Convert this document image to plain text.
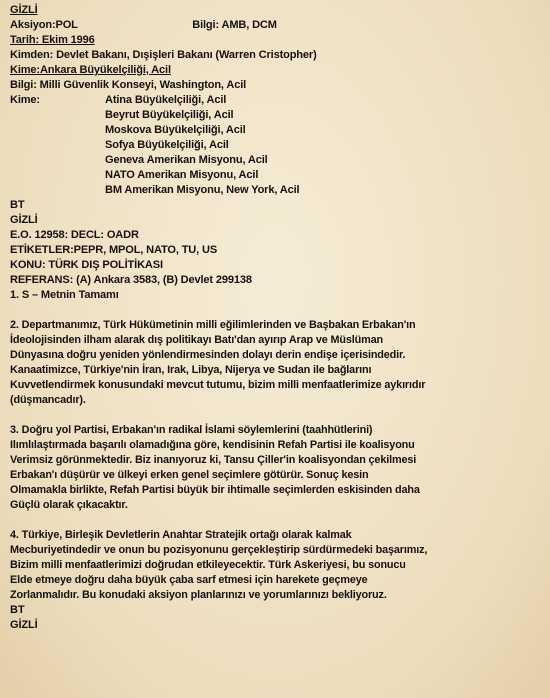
GİZLİ
Aksiyon:POL	Bilgi: AMB, DCM
Tarih: Ekim 1996
Kimden: Devlet Bakanı, Dışişleri Bakanı (Warren Cristopher)
Kime:Ankara Büyükelçiliği, Acil
Bilgi: Milli Güvenlik Konseyi, Washington, Acil
Kime:	Atina Büyükelçiliği, Acil
Beyrut Büyükelçiliği, Acil
Moskova Büyükelçiliği, Acil
Sofya Büyükelçiliği, Acil
Geneva Amerikan Misyonu, Acil
NATO Amerikan Misyonu, Acil
BM Amerikan Misyonu, New York, Acil
BT
GİZLİ
E.O. 12958: DECL: OADR
ETİKETLER:PEPR, MPOL, NATO, TU, US
KONU: TÜRK DIŞ POLİTİKASI
REFERANS: (A) Ankara 3583, (B) Devlet 299138
1. S – Metnin Tamamı
2. Departmanımız, Türk Hükümetinin milli eğilimlerinden ve Başbakan Erbakan'ın
İdeolojisinden ilham alarak dış politikayı Batı'dan ayırıp Arap ve Müslüman
Dünyasına doğru yeniden yönlendirmesinden dolayı derin endişe içerisindedir.
Kanaatimizce, Türkiye'nin İran, Irak, Libya, Nijerya ve Sudan ile bağlarını
Kuvvetlendirmek konusundaki mevcut tutumu, bizim milli menfaatlerimize aykırıdır
(düşmancadır).
3. Doğru yol Partisi, Erbakan'ın radikal İslami söylemlerini (taahhütlerini)
Ilımlılaştırmada başarılı olamadığına göre, kendisinin Refah Partisi ile koalisyonu
Verimsiz görünmektedir. Biz inanıyoruz ki, Tansu Çiller'in koalisyondan çekilmesi
Erbakan'ı düşürür ve ülkeyi erken genel seçimlere götürür. Sonuç kesin
Olmamakla birlikte, Refah Partisi büyük bir ihtimalle seçimlerden eskisinden daha
Güçlü olarak çıkacaktır.
4. Türkiye, Birleşik Devletlerin Anahtar Stratejik ortağı olarak kalmak
Mecburiyetindedir ve onun bu pozisyonunu gerçekleştirip sürdürmedeki başarımız,
Bizim milli menfaatlerimizi doğrudan etkileyecektir. Türk Askeriyesi, bu sonucu
Elde etmeye doğru daha büyük çaba sarf etmesi için harekete geçmeye
Zorlanmalıdır. Bu konudaki aksiyon planlarınızı ve yorumlarınızı bekliyoruz.
BT
GİZLİ
